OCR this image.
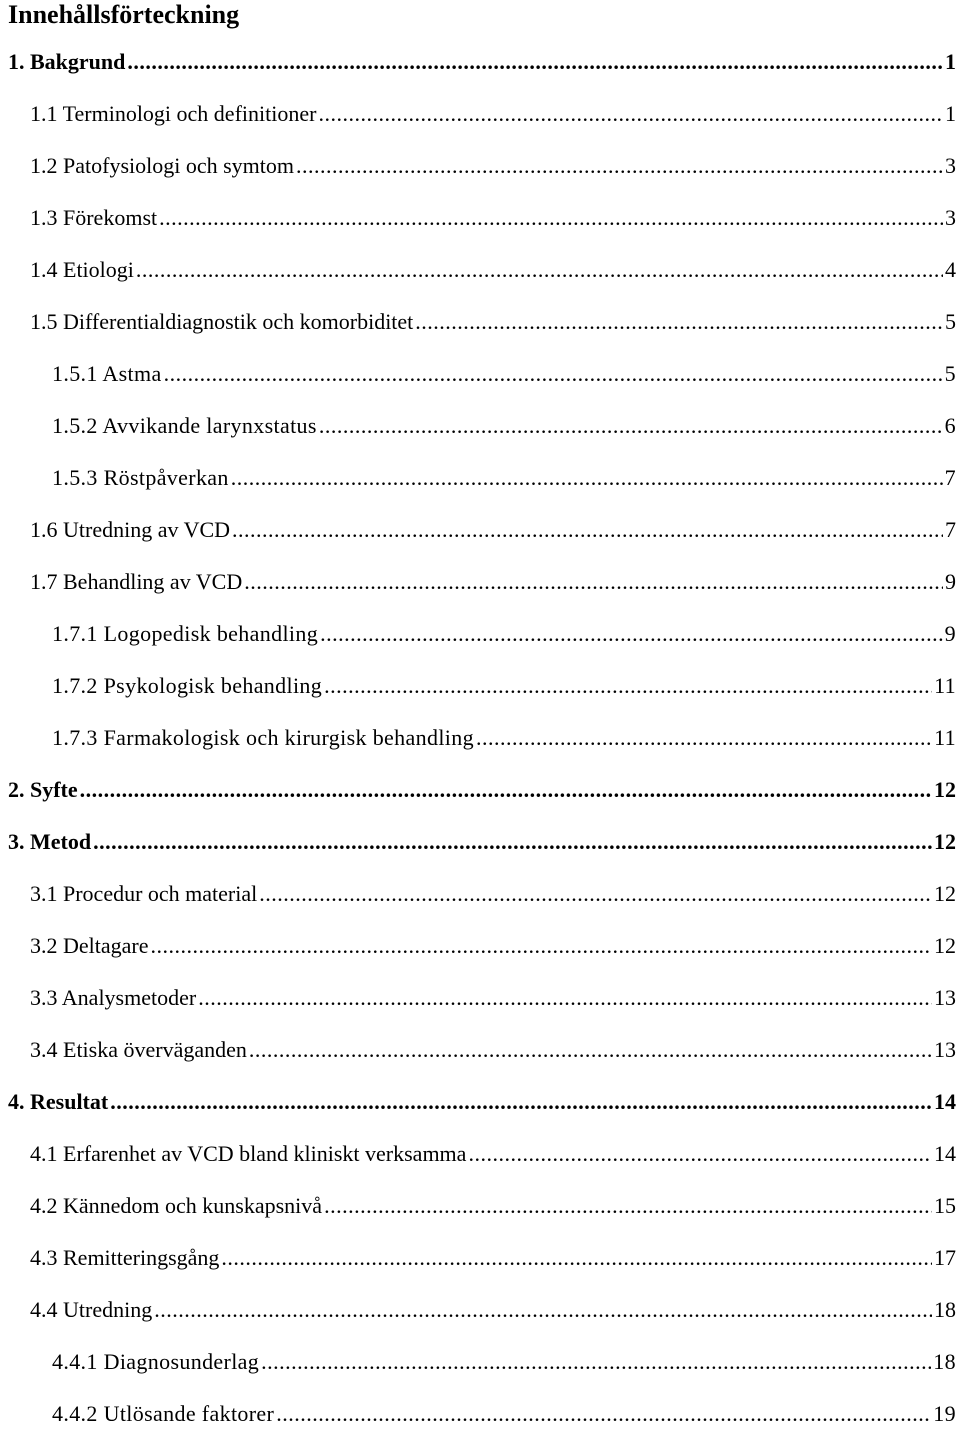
Innehållsförteckning
1. Bakgrund .....	1
1.1 Terminologi och definitioner .....	1
1.2 Patofysiologi och symtom .....	3
1.3 Förekomst .....	3
1.4 Etiologi .....	4
1.5 Differentialdiagnostik och komorbiditet .....	5
1.5.1 Astma .....	5
1.5.2 Avvikande larynxstatus .....	6
1.5.3 Röstpåverkan .....	7
1.6 Utredning av VCD .....	7
1.7 Behandling av VCD .....	9
1.7.1 Logopedisk behandling .....	9
1.7.2 Psykologisk behandling .....	11
1.7.3 Farmakologisk och kirurgisk behandling .....	11
2. Syfte .....	12
3. Metod .....	12
3.1 Procedur och material .....	12
3.2 Deltagare .....	12
3.3 Analysmetoder .....	13
3.4 Etiska överväganden .....	13
4. Resultat .....	14
4.1 Erfarenhet av VCD bland kliniskt verksamma .....	14
4.2 Kännedom och kunskapsnivå .....	15
4.3 Remitteringsgång .....	17
4.4 Utredning .....	18
4.4.1 Diagnosunderlag .....	18
4.4.2 Utlösande faktorer .....	19
